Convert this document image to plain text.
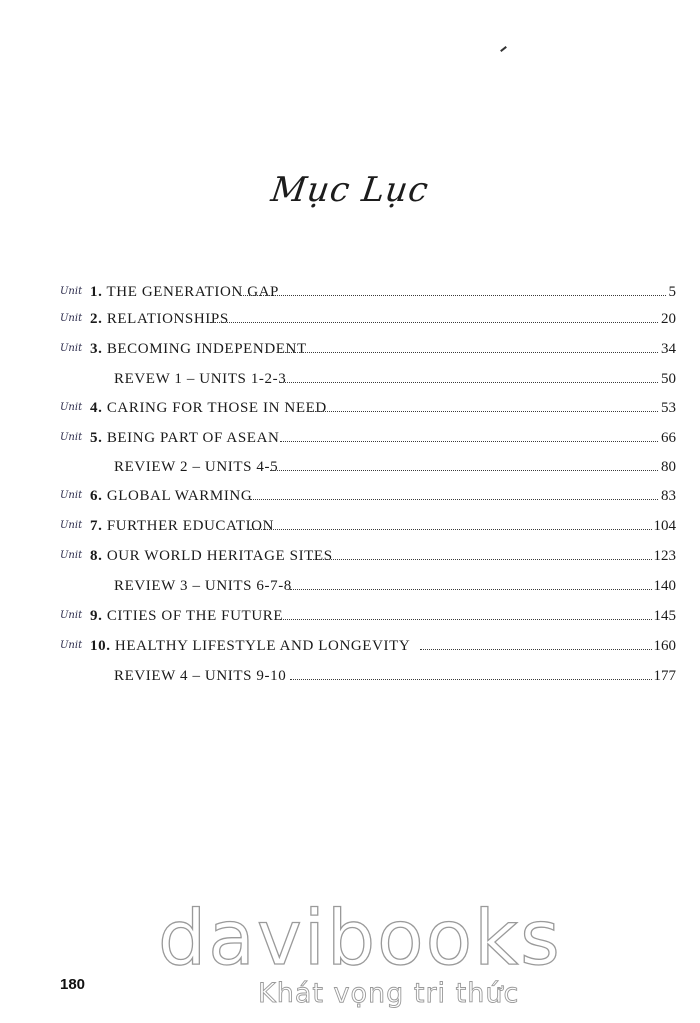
Mục Lục
Unit 1. THE GENERATION GAP	5
Unit 2. RELATIONSHIPS	20
Unit 3. BECOMING INDEPENDENT	34
REVEW 1 – UNITS 1-2-3	50
Unit 4. CARING FOR THOSE IN NEED	53
Unit 5. BEING PART OF ASEAN	66
REVIEW 2 – UNITS 4-5	80
Unit 6. GLOBAL WARMING	83
Unit 7. FURTHER EDUCATION	104
Unit 8. OUR WORLD HERITAGE SITES	123
REVIEW 3 – UNITS 6-7-8	140
Unit 9. CITIES OF THE FUTURE	145
Unit 10. HEALTHY LIFESTYLE AND LONGEVITY	160
REVIEW 4 – UNITS 9-10	177
davibooks
Khát vọng tri thức
180
